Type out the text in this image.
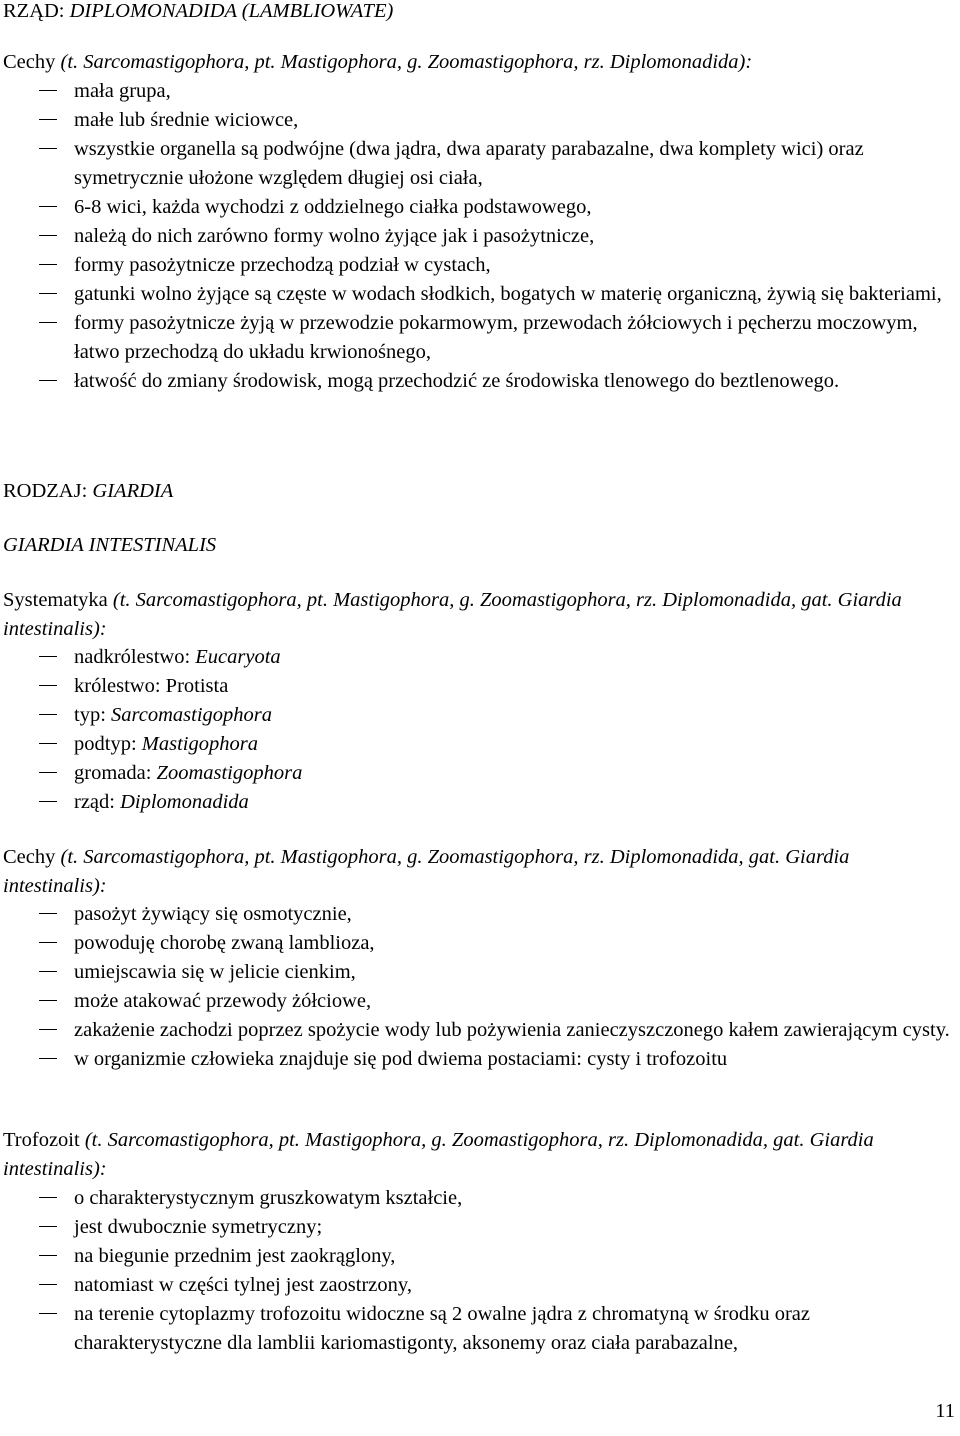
RZĄD: DIPLOMONADIDA (LAMBLIOWATE)

Cechy (t. Sarcomastigophora, pt. Mastigophora, g. Zoomastigophora, rz. Diplomonadida):

mała grupa,
małe lub średnie wiciowce,
wszystkie organella są podwójne (dwa jądra, dwa aparaty parabazalne, dwa komplety wici) oraz symetrycznie ułożone względem długiej osi ciała,
6-8 wici, każda wychodzi z oddzielnego ciałka podstawowego,
należą do nich zarówno formy wolno żyjące jak i pasożytnicze,
formy pasożytnicze przechodzą podział w cystach,
gatunki wolno żyjące są częste w wodach słodkich, bogatych w materię organiczną, żywią się bakteriami,
formy pasożytnicze żyją w przewodzie pokarmowym, przewodach żółciowych i pęcherzu moczowym, łatwo przechodzą do układu krwionośnego,
łatwość do zmiany środowisk, mogą przechodzić ze środowiska tlenowego do beztlenowego.

RODZAJ: GIARDIA

GIARDIA INTESTINALIS

Systematyka (t. Sarcomastigophora, pt. Mastigophora, g. Zoomastigophora, rz. Diplomonadida, gat. Giardia intestinalis):

nadkrólestwo: Eucaryota
królestwo: Protista
typ: Sarcomastigophora
podtyp: Mastigophora
gromada: Zoomastigophora
rząd: Diplomonadida

Cechy (t. Sarcomastigophora, pt. Mastigophora, g. Zoomastigophora, rz. Diplomonadida, gat. Giardia intestinalis):

pasożyt żywiący się osmotycznie,
powoduję chorobę zwaną lamblioza,
umiejscawia się w jelicie cienkim,
może atakować przewody żółciowe,
zakażenie zachodzi poprzez spożycie wody lub pożywienia zanieczyszczonego kałem zawierającym cysty.
w organizmie człowieka znajduje się pod dwiema postaciami: cysty i trofozoitu

Trofozoit (t. Sarcomastigophora, pt. Mastigophora, g. Zoomastigophora, rz. Diplomonadida, gat. Giardia intestinalis):

o charakterystycznym gruszkowatym kształcie,
jest dwubocznie symetryczny;
na biegunie przednim jest zaokrąglony,
natomiast w części tylnej jest zaostrzony,
na terenie cytoplazmy trofozoitu widoczne są 2 owalne jądra z chromatyną w środku oraz charakterystyczne dla lamblii kariomastigonty, aksonemy oraz ciała parabazalne,
11
